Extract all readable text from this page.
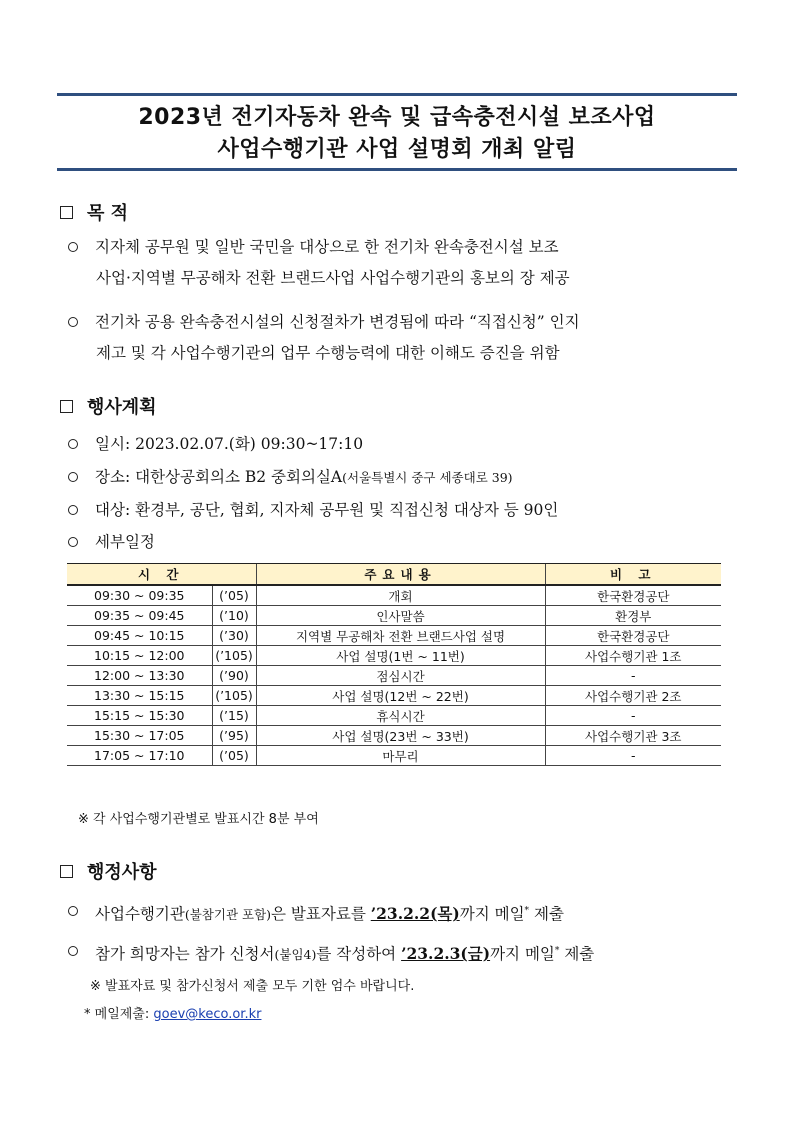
2023년 전기자동차 완속 및 급속충전시설 보조사업
사업수행기관 사업 설명회 개최 알림
목 적
지자체 공무원 및 일반 국민을 대상으로 한 전기차 완속충전시설 보조
사업·지역별 무공해차 전환 브랜드사업 사업수행기관의 홍보의 장 제공
전기차 공용 완속충전시설의 신청절차가 변경됨에 따라 “직접신청” 인지
제고 및 각 사업수행기관의 업무 수행능력에 대한 이해도 증진을 위함
행사계획
일시: 2023.02.07.(화) 09:30~17:10
장소: 대한상공회의소 B2 중회의실A(서울특별시 중구 세종대로 39)
대상: 환경부, 공단, 협회, 지자체 공무원 및 직접신청 대상자 등 90인
세부일정
시 간		주요내용	비 고
09:30 ~ 09:35	(’05)	개회	한국환경공단
09:35 ~ 09:45	(’10)	인사말씀	환경부
09:45 ~ 10:15	(’30)	지역별 무공해차 전환 브랜드사업 설명	한국환경공단
10:15 ~ 12:00	(’105)	사업 설명(1번 ~ 11번)	사업수행기관 1조
12:00 ~ 13:30	(’90)	점심시간	-
13:30 ~ 15:15	(’105)	사업 설명(12번 ~ 22번)	사업수행기관 2조
15:15 ~ 15:30	(’15)	휴식시간	-
15:30 ~ 17:05	(’95)	사업 설명(23번 ~ 33번)	사업수행기관 3조
17:05 ~ 17:10	(’05)	마무리	-
※ 각 사업수행기관별로 발표시간 8분 부여
행정사항
사업수행기관(불참기관 포함)은 발표자료를 ’23.2.2(목)까지 메일* 제출
참가 희망자는 참가 신청서(붙임4)를 작성하여 ’23.2.3(금)까지 메일* 제출
※ 발표자료 및 참가신청서 제출 모두 기한 엄수 바랍니다.
* 메일제출: goev@keco.or.kr
